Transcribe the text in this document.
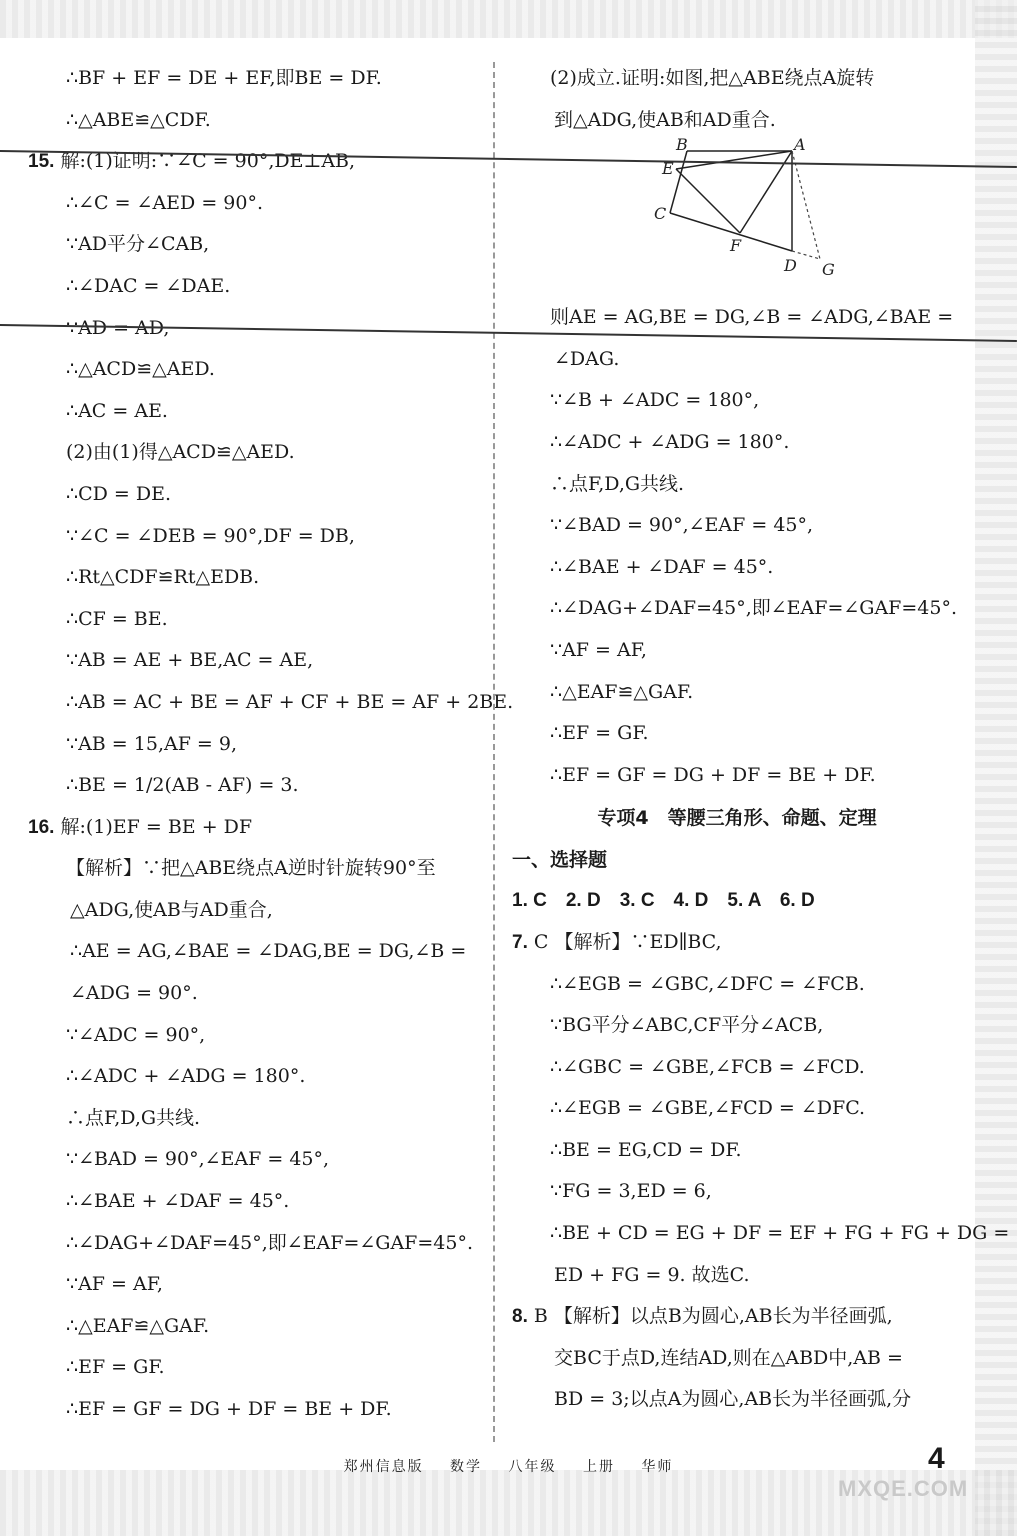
∴BF + EF = DE + EF,即BE = DF.
∴△ABE≌△CDF.
15. 解:(1)证明:∵∠C = 90°,DE⊥AB,
∴∠C = ∠AED = 90°.
∵AD平分∠CAB,
∴∠DAC = ∠DAE.
∵AD = AD,
∴△ACD≌△AED.
∴AC = AE.
(2)由(1)得△ACD≌△AED.
∴CD = DE.
∵∠C = ∠DEB = 90°,DF = DB,
∴Rt△CDF≌Rt△EDB.
∴CF = BE.
∵AB = AE + BE,AC = AE,
∴AB = AC + BE = AF + CF + BE = AF + 2BE.
∵AB = 15,AF = 9,
∴BE = 1/2(AB - AF) = 3.
16. 解:(1)EF = BE + DF
【解析】∵把△ABE绕点A逆时针旋转90°至
△ADG,使AB与AD重合,
∴AE = AG,∠BAE = ∠DAG,BE = DG,∠B =
∠ADG = 90°.
∵∠ADC = 90°,
∴∠ADC + ∠ADG = 180°.
∴点F,D,G共线.
∵∠BAD = 90°,∠EAF = 45°,
∴∠BAE + ∠DAF = 45°.
∴∠DAG+∠DAF=45°,即∠EAF=∠GAF=45°.
∵AF = AF,
∴△EAF≌△GAF.
∴EF = GF.
∴EF = GF = DG + DF = BE + DF.
(2)成立.证明:如图,把△ABE绕点A旋转
到△ADG,使AB和AD重合.
B	A
E
C
F
D G
则AE = AG,BE = DG,∠B = ∠ADG,∠BAE =
∠DAG.
∵∠B + ∠ADC = 180°,
∴∠ADC + ∠ADG = 180°.
∴点F,D,G共线.
∵∠BAD = 90°,∠EAF = 45°,
∴∠BAE + ∠DAF = 45°.
∴∠DAG+∠DAF=45°,即∠EAF=∠GAF=45°.
∵AF = AF,
∴△EAF≌△GAF.
∴EF = GF.
∴EF = GF = DG + DF = BE + DF.
专项4　等腰三角形、命题、定理
一、选择题
1. C　2. D　3. C　4. D　5. A　6. D
7. C 【解析】∵ED∥BC,
∴∠EGB = ∠GBC,∠DFC = ∠FCB.
∵BG平分∠ABC,CF平分∠ACB,
∴∠GBC = ∠GBE,∠FCB = ∠FCD.
∴∠EGB = ∠GBE,∠FCD = ∠DFC.
∴BE = EG,CD = DF.
∵FG = 3,ED = 6,
∴BE + CD = EG + DF = EF + FG + FG + DG =
ED + FG = 9. 故选C.
8. B 【解析】以点B为圆心,AB长为半径画弧,
交BC于点D,连结AD,则在△ABD中,AB =
BD = 3;以点A为圆心,AB长为半径画弧,分
郑州信息版 数学 八年级 上册 华师	4
MXQE.COM
